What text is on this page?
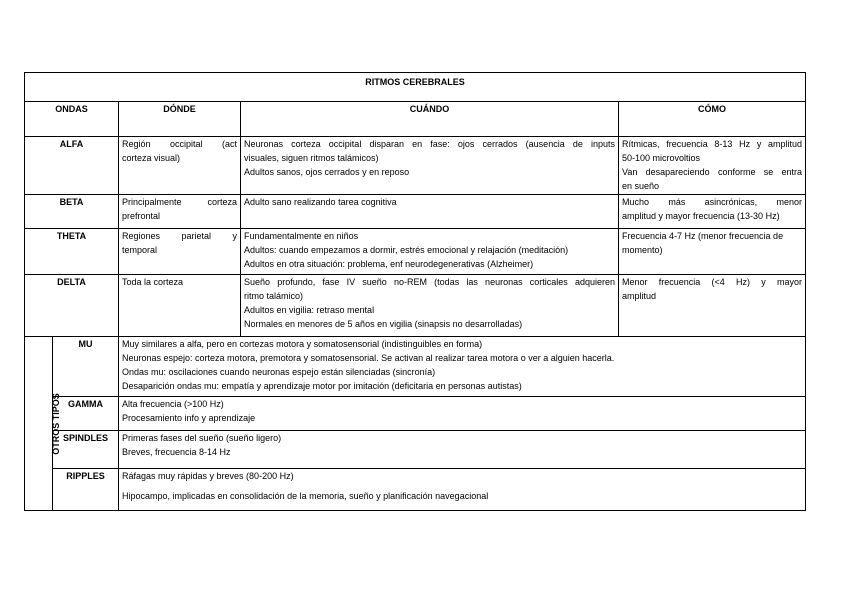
RITMOS CEREBRALES				
ONDAS		DÓNDE	CUÁNDO	CÓMO
ALFA		Región occipital (act
corteza visual)	Neuronas corteza occipital disparan en fase: ojos cerrados (ausencia de inputs
visuales, siguen ritmos talámicos)
Adultos sanos, ojos cerrados y en reposo	Rítmicas, frecuencia 8-13 Hz y amplitud
50-100 microvoltios
Van desapareciendo conforme se entra
en sueño

BETA		Principalmente corteza
prefrontal	Adulto sano realizando tarea cognitiva	Mucho más asincrónicas, menor
amplitud y mayor frecuencia (13-30 Hz)

THETA		Regiones parietal y
temporal	Fundamentalmente en niños
Adultos: cuando empezamos a dormir, estrés emocional y relajación (meditación)
Adultos en otra situación: problema, enf neurodegenerativas (Alzheimer)	Frecuencia 4-7 Hz (menor frecuencia de
momento)

DELTA		Toda la corteza	Sueño profundo, fase IV sueño no-REM (todas las neuronas corticales adquieren
ritmo talámico)
Adultos en vigilia: retraso mental
Normales en menores de 5 años en vigilia (sinapsis no desarrolladas)	Menor frecuencia (<4 Hz) y mayor
amplitud

OTROS TIPOS	MU	Muy similares a alfa, pero en cortezas motora y somatosensorial (indistinguibles en forma)
Neuronas espejo: corteza motora, premotora y somatosensorial. Se activan al realizar tarea motora o ver a alguien hacerla.
Ondas mu: oscilaciones cuando neuronas espejo están silenciadas (sincronía)
Desaparición ondas mu: empatía y aprendizaje motor por imitación (deficitaria en personas autistas)		

	GAMMA	Alta frecuencia (>100 Hz)
Procesamiento info y aprendizaje		

	SPINDLES	Primeras fases del sueño (sueño ligero)
Breves, frecuencia 8-14 Hz		

	RIPPLES	Ráfagas muy rápidas y breves (80-200 Hz)
Hipocampo, implicadas en consolidación de la memoria, sueño y planificación navegacional		
